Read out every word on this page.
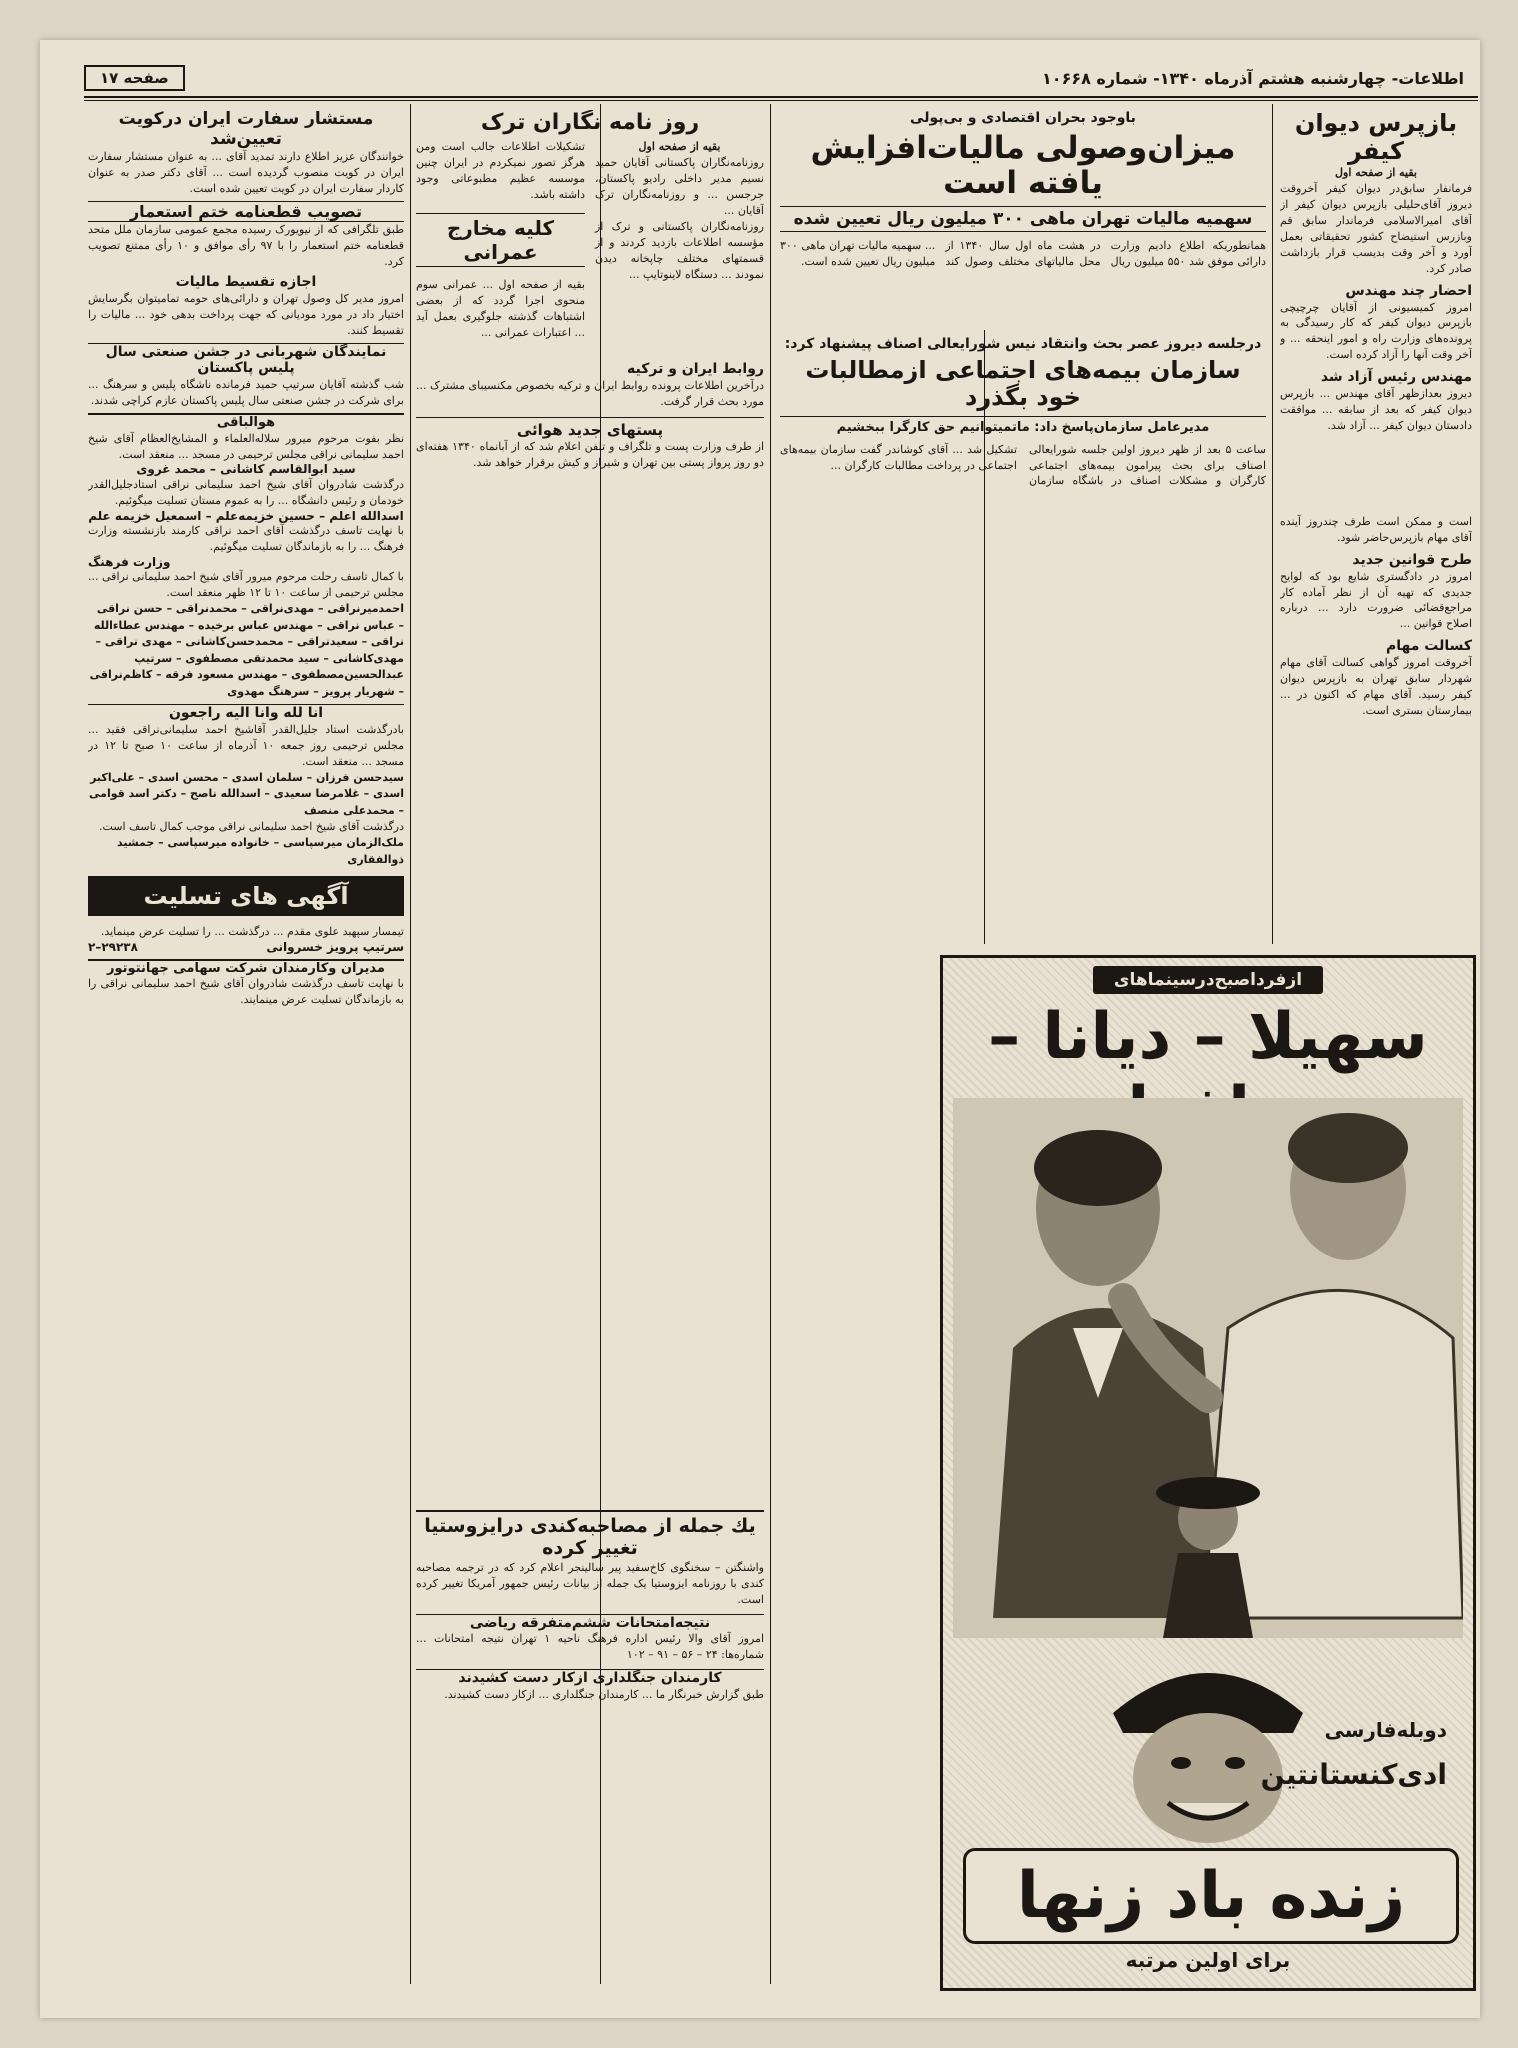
صفحه ۱۷	اطلاعات- چهارشنبه هشتم آذرماه ۱۳۴۰- شماره ۱۰۶۶۸
بازپرس دیوان کیفر
بقیه از صفحه اول
فرمانفار سابق‌در دیوان کیفر آخروقت دیروز آقای‌حلیلی بازپرس دیوان کیفر از آقای امیرالاسلامی فرماندار سابق قم وبازرس استیضاح کشور تحقیقاتی بعمل آورد و آخر وقت بدیسب قرار بازداشت صادر کرد.
احضار چند مهندس
امروز کمیسیونی از آقایان چرچیچی بازپرس دیوان کیفر که کار رسیدگی به پرونده‌های وزارت راه و امور اینحقه ... و آخر وقت آنها را آزاد کرده است.
مهندس رئیس آزاد شد
دیروز بعدازظهر آقای مهندس ... بازپرس دیوان کیفر که بعد از سابقه ... موافقت دادستان دیوان کیفر ... آزاد شد.
است و ممکن است طرف چندروز آینده آقای مهام بازپرس‌حاضر شود.
طرح قوانین جدید
امروز در دادگستری شایع بود که لوایح جدیدی که تهیه آن از نظر آماده کار مراجع‌قضائی ضرورت دارد ... درباره اصلاح قوانین ...
کسالت مهام
آخروقت امروز گواهی کسالت آقای مهام شهردار سابق تهران به بازپرس دیوان کیفر رسید. آقای مهام که اکنون در ... بیمارستان بستری است.
باوجود بحران اقتصادی و بی‌پولی
میزان‌وصولی مالیات‌افزایش یافته است
سهمیه مالیات تهران ماهی ۳۰۰ میلیون ریال تعیین شده
همانطوریکه اطلاع دادیم وزارت دارائی موفق شد ۵۵۰ میلیون ریال در هشت ماه اول سال ۱۳۴۰ از محل مالیاتهای مختلف وصول کند ... سهمیه مالیات تهران ماهی ۳۰۰ میلیون ریال تعیین شده است.
درجلسه دیروز عصر بحث وانتقاد نیس شورایعالی اصناف پیشنهاد کرد:
سازمان بیمه‌های اجتماعی ازمطالبات خود بگذرد
مدیرعامل سازمان‌پاسخ داد: ماتمیتوانیم حق کارگرا ببخشیم
ساعت ۵ بعد از ظهر دیروز اولین جلسه شورایعالی اصناف برای بحث پیرامون بیمه‌های اجتماعی کارگران و مشکلات اصناف در باشگاه سازمان تشکیل شد ... آقای کوشاندر گفت سازمان بیمه‌های اجتماعی در پرداخت مطالبات کارگران ...
روز نامه نگاران ترک
بقیه از صفحه اول
روزنامه‌نگاران پاکستانی آقایان حمید نسیم مدیر داخلی رادیو پاکستان، جرجسن ... و روزنامه‌نگاران ترک آقایان ...
روزنامه‌نگاران پاکستانی و ترک از مؤسسه اطلاعات بازدید کردند و از قسمتهای مختلف چاپخانه دیدن نمودند ... دستگاه لاینوتایپ ...
تشکیلات اطلاعات جالب است ومن هرگز تصور نمیکردم در ایران چنین موسسه عظیم مطبوعاتی وجود داشته باشد.
کلیه مخارج عمرانی
بقیه از صفحه اول ... عمرانی سوم منحوی اجرا گردد که از بعضی اشتباهات گذشته جلوگیری بعمل آید ... اعتبارات عمرانی ...
روابط ایران و ترکیه
درآخرین اطلاعات پرونده روابط ایران و ترکیه بخصوص مکنسیبای مشترک ... مورد بحث قرار گرفت.
پستهای جدید هوائی
از طرف وزارت پست و تلگراف و تلفن اعلام شد که از آبانماه ۱۳۴۰ هفته‌ای دو روز پرواز پستی بین تهران و شیراز و کیش برقرار خواهد شد.
مستشار سفارت ایران درکویت تعیین‌شد
خوانندگان عزیز اطلاع دارند تمدید آقای ... به عنوان مستشار سفارت ایران در کویت منصوب گردیده است ... آقای دکتر صدر به عنوان کاردار سفارت ایران در کویت تعیین شده است.
تصویب قطعنامه ختم استعمار
طبق تلگرافی که از نیویورک رسیده مجمع عمومی سازمان ملل متحد قطعنامه ختم استعمار را با ۹۷ رأی موافق و ۱۰ رأی ممتنع تصویب کرد.
اجازه تقسیط مالیات
امروز مدیر کل وصول تهران و دارائی‌های حومه تمامیتوان بگرسایش اختیار داد در مورد مودیانی که جهت پرداخت بدهی خود ... مالیات را تقسیط کنند.
نمایندگان شهربانی در جشن صنعتی سال پلیس پاکستان
شب گذشته آقایان سرتیپ حمید فرمانده ناشگاه پلیس و سرهنگ ... برای شرکت در جشن صنعتی سال پلیس پاکستان عازم کراچی شدند.
هوالباقی
نظر بفوت مرحوم میرور سلاله‌العلماء و المشایخ‌العظام آقای شیخ احمد سلیمانی نراقی مجلس ترحیمی در مسجد ... منعقد است.
سید ابوالقاسم کاشانی – محمد غروی
درگذشت شادروان آقای شیخ احمد سلیمانی نراقی استادجلیل‌القدر خودمان و رئیس دانشگاه ... را به عموم مستان تسلیت میگوئیم.
اسدالله اعلم – حسین خزیمه‌علم – اسمعیل خزیمه علم
با نهایت تاسف درگذشت آقای احمد نراقی کارمند بازنشسته وزارت فرهنگ ... را به بازماندگان تسلیت میگوئیم.
وزارت فرهنگ
با کمال تاسف رحلت مرحوم میرور آقای شیخ احمد سلیمانی نراقی ... مجلس ترحیمی از ساعت ۱۰ تا ۱۲ ظهر منعقد است.
احمدمیرنراقی – مهدی‌نراقی – محمدنراقی – حسن نراقی – عباس نراقی – مهندس عباس برخیده – مهندس عطاءالله نراقی – سعید‌نراقی – محمدحسن‌کاشانی – مهدی نراقی – مهدی‌کاشانی – سید محمدتقی مصطفوی – سرتیپ عبدالحسین‌مصطفوی – مهندس مسعود فرقه – کاظم‌نراقی – شهریار پرویز – سرهنگ مهدوی
انا لله وانا الیه راجعون
بادرگذشت استاد جلیل‌القدر آقاشیخ احمد سلیمانی‌نراقی فقید ... مجلس ترحیمی روز جمعه ۱۰ آذرماه از ساعت ۱۰ صبح تا ۱۲ در مسجد ... منعقد است.
سیدحسن فرزان – سلمان اسدی – محسن اسدی – علی‌اکبر اسدی – غلامرضا سعیدی – اسدالله ناصح – دکتر اسد قوامی – محمدعلی منصف
درگذشت آقای شیخ احمد سلیمانی نراقی موجب کمال تاسف است.
ملک‌الزمان میرسپاسی – خانواده میرسپاسی – جمشید ذوالفقاری
آگهی های تسلیت
تیمسار سپهبد علوی مقدم ... درگذشت ... را تسلیت عرض مینماید.
سرتیپ پرویز خسروانی
۲۹۲۳۸–۲
مدیران وکارمندان شرکت سهامی جهانتوتور
با نهایت تاسف درگذشت شادروان آقای شیخ احمد سلیمانی نراقی را به بازماندگان تسلیت عرض مینمایند.
یك جمله از مصاحبه‌کندی درایزوستیا تغییر کرده
واشنگتن – سخنگوی کاخ‌سفید پیر سالینجر اعلام کرد که در ترجمه مصاحبه کندی با روزنامه ایزوستیا یک جمله از بیانات رئیس جمهور آمریکا تغییر کرده است.
نتیجه‌امتحانات ششم‌متفرقه ریاضی
امروز آقای والا رئیس اداره فرهنگ ناحیه ۱ تهران نتیجه امتحانات ... شماره‌ها: ۲۴ – ۵۶ – ۹۱ – ۱۰۲
کارمندان جنگلداری ازکار دست کشیدند
طبق گزارش خبرنگار ما ... کارمندان جنگلداری ... ازکار دست کشیدند.
ازفرداصبح‌در‌سینماهای
سهیلا – دیانا –
دوبله‌فارسی
ادی‌کنستانتین
زنده باد زنها
برای اولین مرتبه
